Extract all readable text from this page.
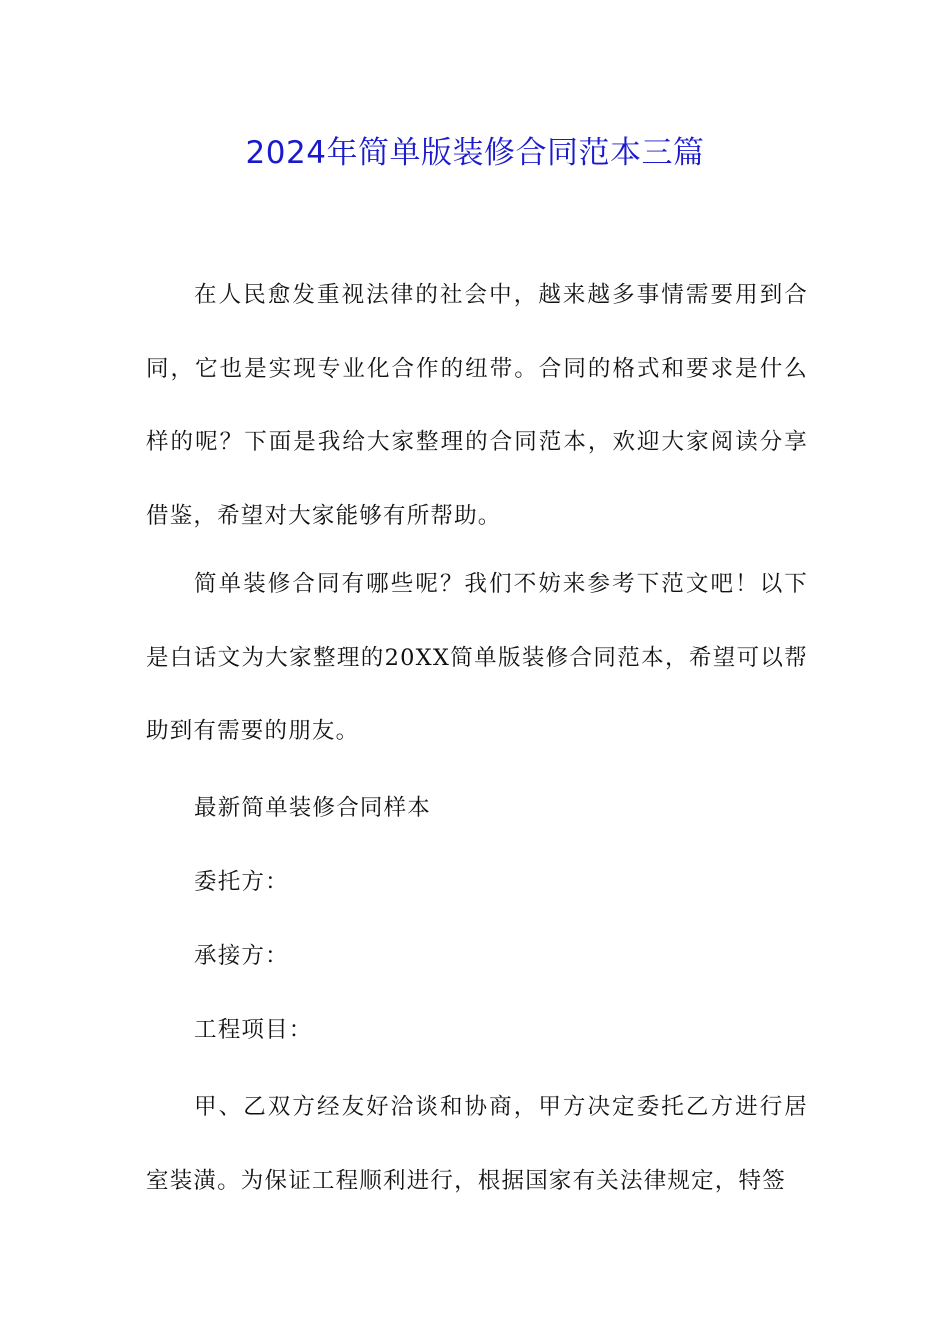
2024年简单版装修合同范本三篇

在人民愈发重视法律的社会中，越来越多事情需要用到合同，它也是实现专业化合作的纽带。合同的格式和要求是什么样的呢？下面是我给大家整理的合同范本，欢迎大家阅读分享借鉴，希望对大家能够有所帮助。

简单装修合同有哪些呢？我们不妨来参考下范文吧！以下是白话文为大家整理的20XX简单版装修合同范本，希望可以帮助到有需要的朋友。

最新简单装修合同样本

委托方：

承接方：

工程项目：

甲、乙双方经友好洽谈和协商，甲方决定委托乙方进行居室装潢。为保证工程顺利进行，根据国家有关法律规定，特签
